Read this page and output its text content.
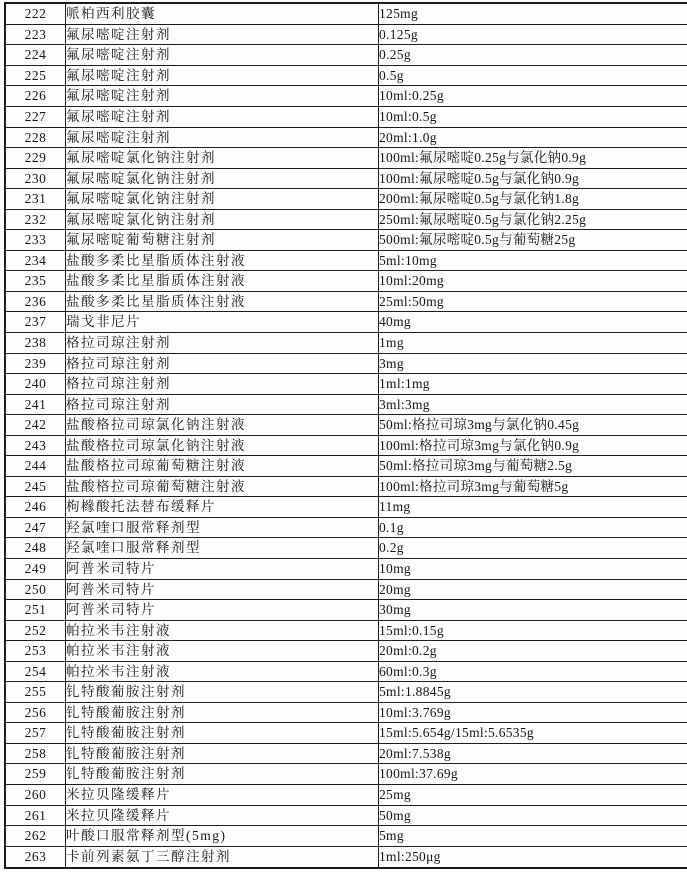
222	哌柏西利胶囊	125mg
223	氟尿嘧啶注射剂	0.125g
224	氟尿嘧啶注射剂	0.25g
225	氟尿嘧啶注射剂	0.5g
226	氟尿嘧啶注射剂	10ml:0.25g
227	氟尿嘧啶注射剂	10ml:0.5g
228	氟尿嘧啶注射剂	20ml:1.0g
229	氟尿嘧啶氯化钠注射剂	100ml:氟尿嘧啶0.25g与氯化钠0.9g
230	氟尿嘧啶氯化钠注射剂	100ml:氟尿嘧啶0.5g与氯化钠0.9g
231	氟尿嘧啶氯化钠注射剂	200ml:氟尿嘧啶0.5g与氯化钠1.8g
232	氟尿嘧啶氯化钠注射剂	250ml:氟尿嘧啶0.5g与氯化钠2.25g
233	氟尿嘧啶葡萄糖注射剂	500ml:氟尿嘧啶0.5g与葡萄糖25g
234	盐酸多柔比星脂质体注射液	5ml:10mg
235	盐酸多柔比星脂质体注射液	10ml:20mg
236	盐酸多柔比星脂质体注射液	25ml:50mg
237	瑞戈非尼片	40mg
238	格拉司琼注射剂	1mg
239	格拉司琼注射剂	3mg
240	格拉司琼注射剂	1ml:1mg
241	格拉司琼注射剂	3ml:3mg
242	盐酸格拉司琼氯化钠注射液	50ml:格拉司琼3mg与氯化钠0.45g
243	盐酸格拉司琼氯化钠注射液	100ml:格拉司琼3mg与氯化钠0.9g
244	盐酸格拉司琼葡萄糖注射液	50ml:格拉司琼3mg与葡萄糖2.5g
245	盐酸格拉司琼葡萄糖注射液	100ml:格拉司琼3mg与葡萄糖5g
246	枸橼酸托法替布缓释片	11mg
247	羟氯喹口服常释剂型	0.1g
248	羟氯喹口服常释剂型	0.2g
249	阿普米司特片	10mg
250	阿普米司特片	20mg
251	阿普米司特片	30mg
252	帕拉米韦注射液	15ml:0.15g
253	帕拉米韦注射液	20ml:0.2g
254	帕拉米韦注射液	60ml:0.3g
255	钆特酸葡胺注射剂	5ml:1.8845g
256	钆特酸葡胺注射剂	10ml:3.769g
257	钆特酸葡胺注射剂	15ml:5.654g/15ml:5.6535g
258	钆特酸葡胺注射剂	20ml:7.538g
259	钆特酸葡胺注射剂	100ml:37.69g
260	米拉贝隆缓释片	25mg
261	米拉贝隆缓释片	50mg
262	叶酸口服常释剂型(5mg)	5mg
263	卡前列素氨丁三醇注射剂	1ml:250μg
